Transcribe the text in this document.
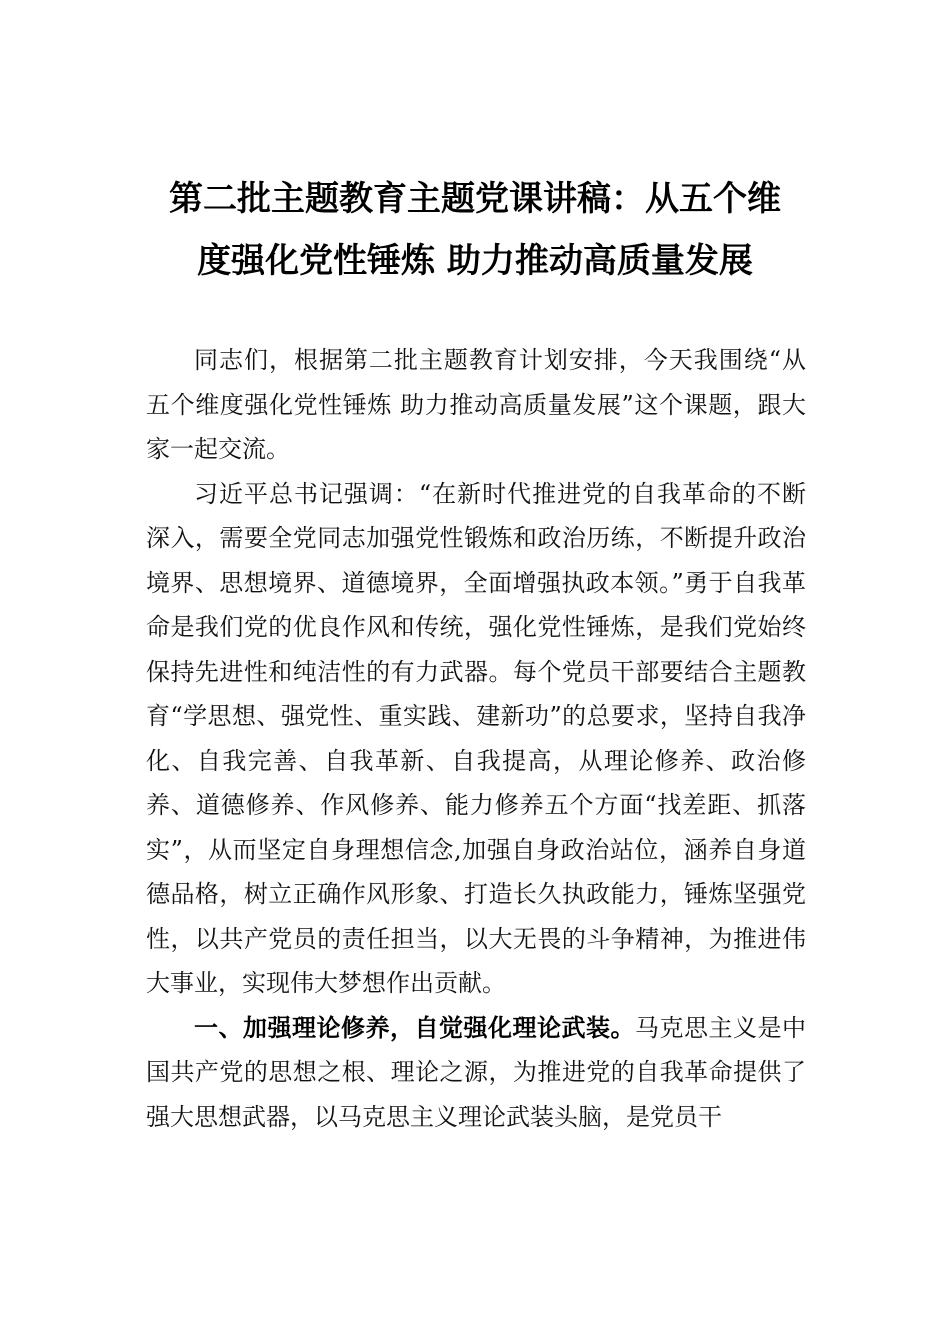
第二批主题教育主题党课讲稿：从五个维
度强化党性锤炼 助力推动高质量发展

同志们，根据第二批主题教育计划安排，今天我围绕“从五个维度强化党性锤炼 助力推动高质量发展”这个课题，跟大家一起交流。

习近平总书记强调：“在新时代推进党的自我革命的不断深入，需要全党同志加强党性锻炼和政治历练，不断提升政治境界、思想境界、道德境界，全面增强执政本领。”勇于自我革命是我们党的优良作风和传统，强化党性锤炼，是我们党始终保持先进性和纯洁性的有力武器。每个党员干部要结合主题教育“学思想、强党性、重实践、建新功”的总要求，坚持自我净化、自我完善、自我革新、自我提高，从理论修养、政治修养、道德修养、作风修养、能力修养五个方面“找差距、抓落实”，从而坚定自身理想信念,加强自身政治站位，涵养自身道德品格，树立正确作风形象、打造长久执政能力，锤炼坚强党性，以共产党员的责任担当，以大无畏的斗争精神，为推进伟大事业，实现伟大梦想作出贡献。

一、加强理论修养，自觉强化理论武装。马克思主义是中国共产党的思想之根、理论之源，为推进党的自我革命提供了强大思想武器，以马克思主义理论武装头脑，是党员干
